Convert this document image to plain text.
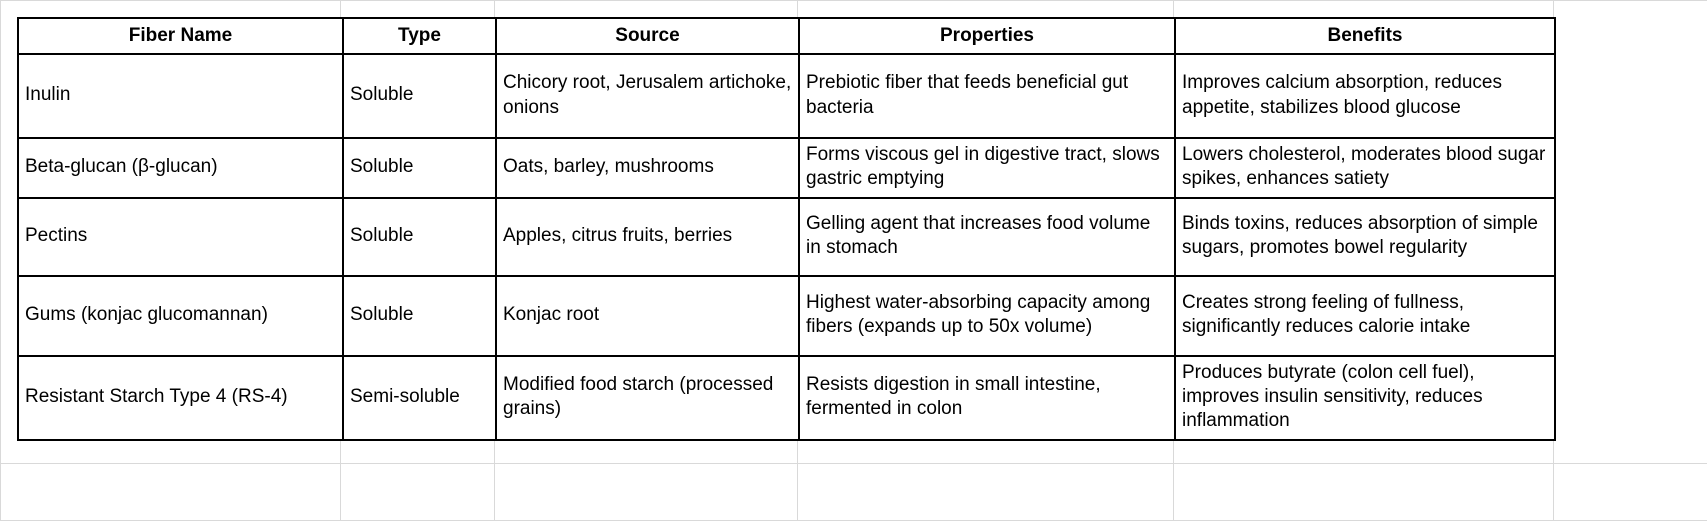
Fiber Name	Type	Source	Properties	Benefits
Inulin	Soluble	Chicory root, Jerusalem artichoke, onions	Prebiotic fiber that feeds beneficial gut bacteria	Improves calcium absorption, reduces appetite, stabilizes blood glucose
Beta-glucan (β-glucan)	Soluble	Oats, barley, mushrooms	Forms viscous gel in digestive tract, slows gastric emptying	Lowers cholesterol, moderates blood sugar spikes, enhances satiety
Pectins	Soluble	Apples, citrus fruits, berries	Gelling agent that increases food volume in stomach	Binds toxins, reduces absorption of simple sugars, promotes bowel regularity
Gums (konjac glucomannan)	Soluble	Konjac root	Highest water-absorbing capacity among fibers (expands up to 50x volume)	Creates strong feeling of fullness, significantly reduces calorie intake
Resistant Starch Type 4 (RS-4)	Semi-soluble	Modified food starch (processed grains)	Resists digestion in small intestine, fermented in colon	Produces butyrate (colon cell fuel), improves insulin sensitivity, reduces inflammation
